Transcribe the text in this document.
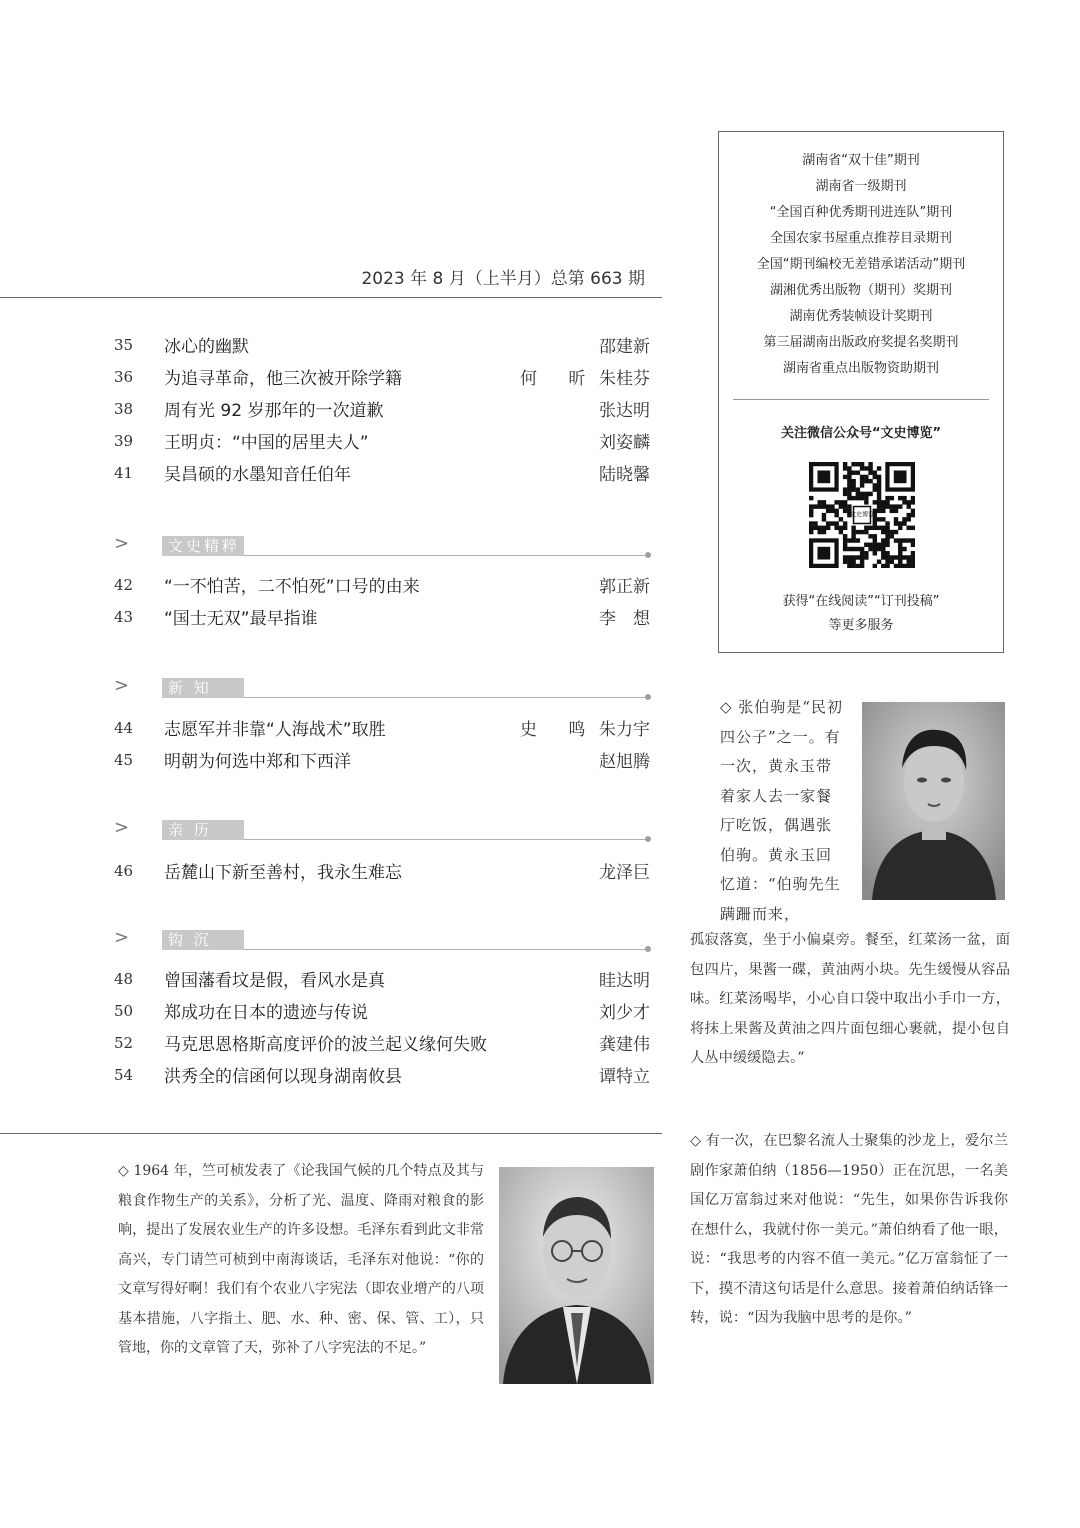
2023 年 8 月（上半月）总第 663 期
35	冰心的幽默	邵建新
36	为追寻革命，他三次被开除学籍	何 昕 朱桂芬
38	周有光 92 岁那年的一次道歉	张达明
39	王明贞：“中国的居里夫人”	刘姿麟
41	吴昌硕的水墨知音任伯年	陆晓馨
>	文史精粹
42	“一不怕苦，二不怕死”口号的由来	郭正新
43	“国士无双”最早指谁	李　想
>	新 知
44	志愿军并非靠“人海战术”取胜	史 鸣 朱力宇
45	明朝为何选中郑和下西洋	赵旭腾
>	亲 历
46	岳麓山下新至善村，我永生难忘	龙泽巨
>	钩 沉
48	曾国藩看坟是假，看风水是真	眭达明
50	郑成功在日本的遗迹与传说	刘少才
52	马克思恩格斯高度评价的波兰起义缘何失败	龚建伟
54	洪秀全的信函何以现身湖南攸县	谭特立
湖南省“双十佳”期刊
湖南省一级期刊
“全国百种优秀期刊进连队”期刊
全国农家书屋重点推荐目录期刊
全国“期刊编校无差错承诺活动”期刊
湖湘优秀出版物（期刊）奖期刊
湖南优秀装帧设计奖期刊
第三届湖南出版政府奖提名奖期刊
湖南省重点出版物资助期刊
关注微信公众号“文史博览”
文史博览
获得“在线阅读”“订刊投稿”
等更多服务
◇ 张伯驹是“民初四公子”之一。有一次，黄永玉带着家人去一家餐厅吃饭，偶遇张伯驹。黄永玉回忆道：“伯驹先生蹒跚而来，
孤寂落寞，坐于小偏桌旁。餐至，红菜汤一盆，面包四片，果酱一碟，黄油两小块。先生缓慢从容品味。红菜汤喝毕，小心自口袋中取出小手巾一方，将抹上果酱及黄油之四片面包细心裹就，提小包自人丛中缓缓隐去。”
◇ 1964 年，竺可桢发表了《论我国气候的几个特点及其与粮食作物生产的关系》，分析了光、温度、降雨对粮食的影响，提出了发展农业生产的许多设想。毛泽东看到此文非常高兴，专门请竺可桢到中南海谈话，毛泽东对他说：“你的文章写得好啊！我们有个农业八字宪法（即农业增产的八项基本措施，八字指土、肥、水、种、密、保、管、工），只管地，你的文章管了天，弥补了八字宪法的不足。”
◇ 有一次，在巴黎名流人士聚集的沙龙上，爱尔兰剧作家萧伯纳（1856—1950）正在沉思，一名美国亿万富翁过来对他说：“先生，如果你告诉我你在想什么，我就付你一美元。”萧伯纳看了他一眼，说：“我思考的内容不值一美元。”亿万富翁怔了一下，摸不清这句话是什么意思。接着萧伯纳话锋一转，说：“因为我脑中思考的是你。”
